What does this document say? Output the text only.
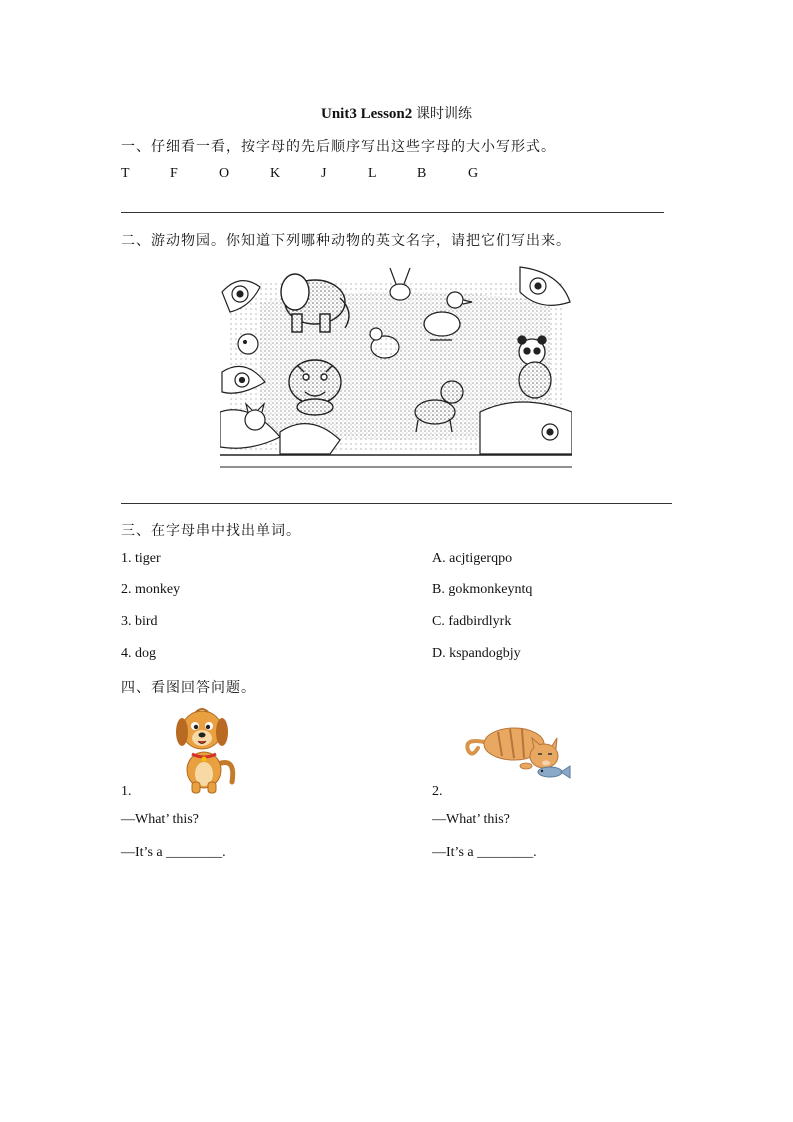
Unit3 Lesson2 课时训练
一、仔细看一看，按字母的先后顺序写出这些字母的大小写形式。
T	F	O	K	J	L	B	G
二、游动物园。你知道下列哪种动物的英文名字，请把它们写出来。
三、在字母串中找出单词。
1. tiger
2. monkey
3. bird
4. dog
A. acjtigerqpo
B. gokmonkeyntq
C. fadbirdlyrk
D. kspandogbjy
四、看图回答问题。
1.
—What’ this?
—It’s a ________.
2.
—What’ this?
—It’s a ________.
